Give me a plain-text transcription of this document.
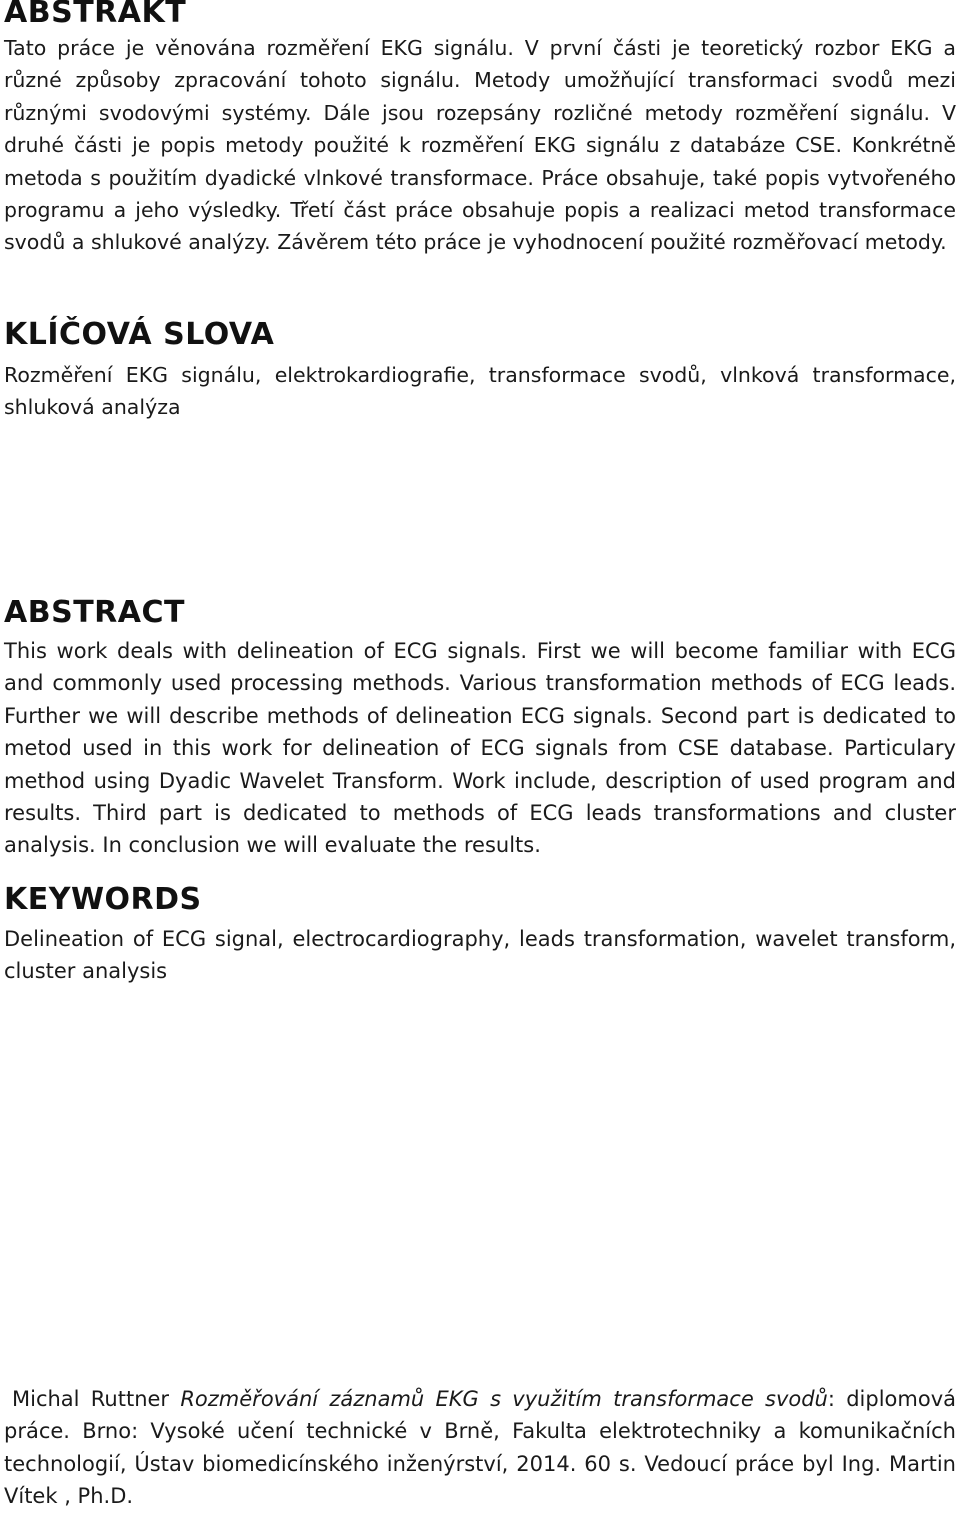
ABSTRAKT

Tato práce je věnována rozměření EKG signálu. V první části je teoretický rozbor EKG a různé způsoby zpracování tohoto signálu. Metody umožňující transformaci svodů mezi různými svodovými systémy. Dále jsou rozepsány rozličné metody rozměření signálu. V druhé části je popis metody použité k rozměření EKG signálu z databáze CSE. Konkrétně metoda s použitím dyadické vlnkové transformace. Práce obsahuje, také popis vytvořeného programu a jeho výsledky. Třetí část práce obsahuje popis a realizaci metod transformace svodů a shlukové analýzy. Závěrem této práce je vyhodnocení použité rozměřovací metody.

KLÍČOVÁ SLOVA

Rozměření EKG signálu, elektrokardiografie, transformace svodů, vlnková transformace, shluková analýza

ABSTRACT

This work deals with delineation of ECG signals. First we will become familiar with ECG and commonly used processing methods. Various transformation methods of ECG leads. Further we will describe methods of delineation ECG signals. Second part is dedicated to metod used in this work for delineation of ECG signals from CSE database. Particulary method using Dyadic Wavelet Transform. Work include, description of used program and results. Third part is dedicated to methods of ECG leads transformations and cluster analysis. In conclusion we will evaluate the results.

KEYWORDS

Delineation of ECG signal, electrocardiography, leads transformation, wavelet transform, cluster analysis

Michal Ruttner Rozměřování záznamů EKG s využitím transformace svodů: diplomová práce. Brno: Vysoké učení technické v Brně, Fakulta elektrotechniky a komunikačních technologií, Ústav biomedicínského inženýrství, 2014. 60 s. Vedoucí práce byl Ing. Martin Vítek , Ph.D.
